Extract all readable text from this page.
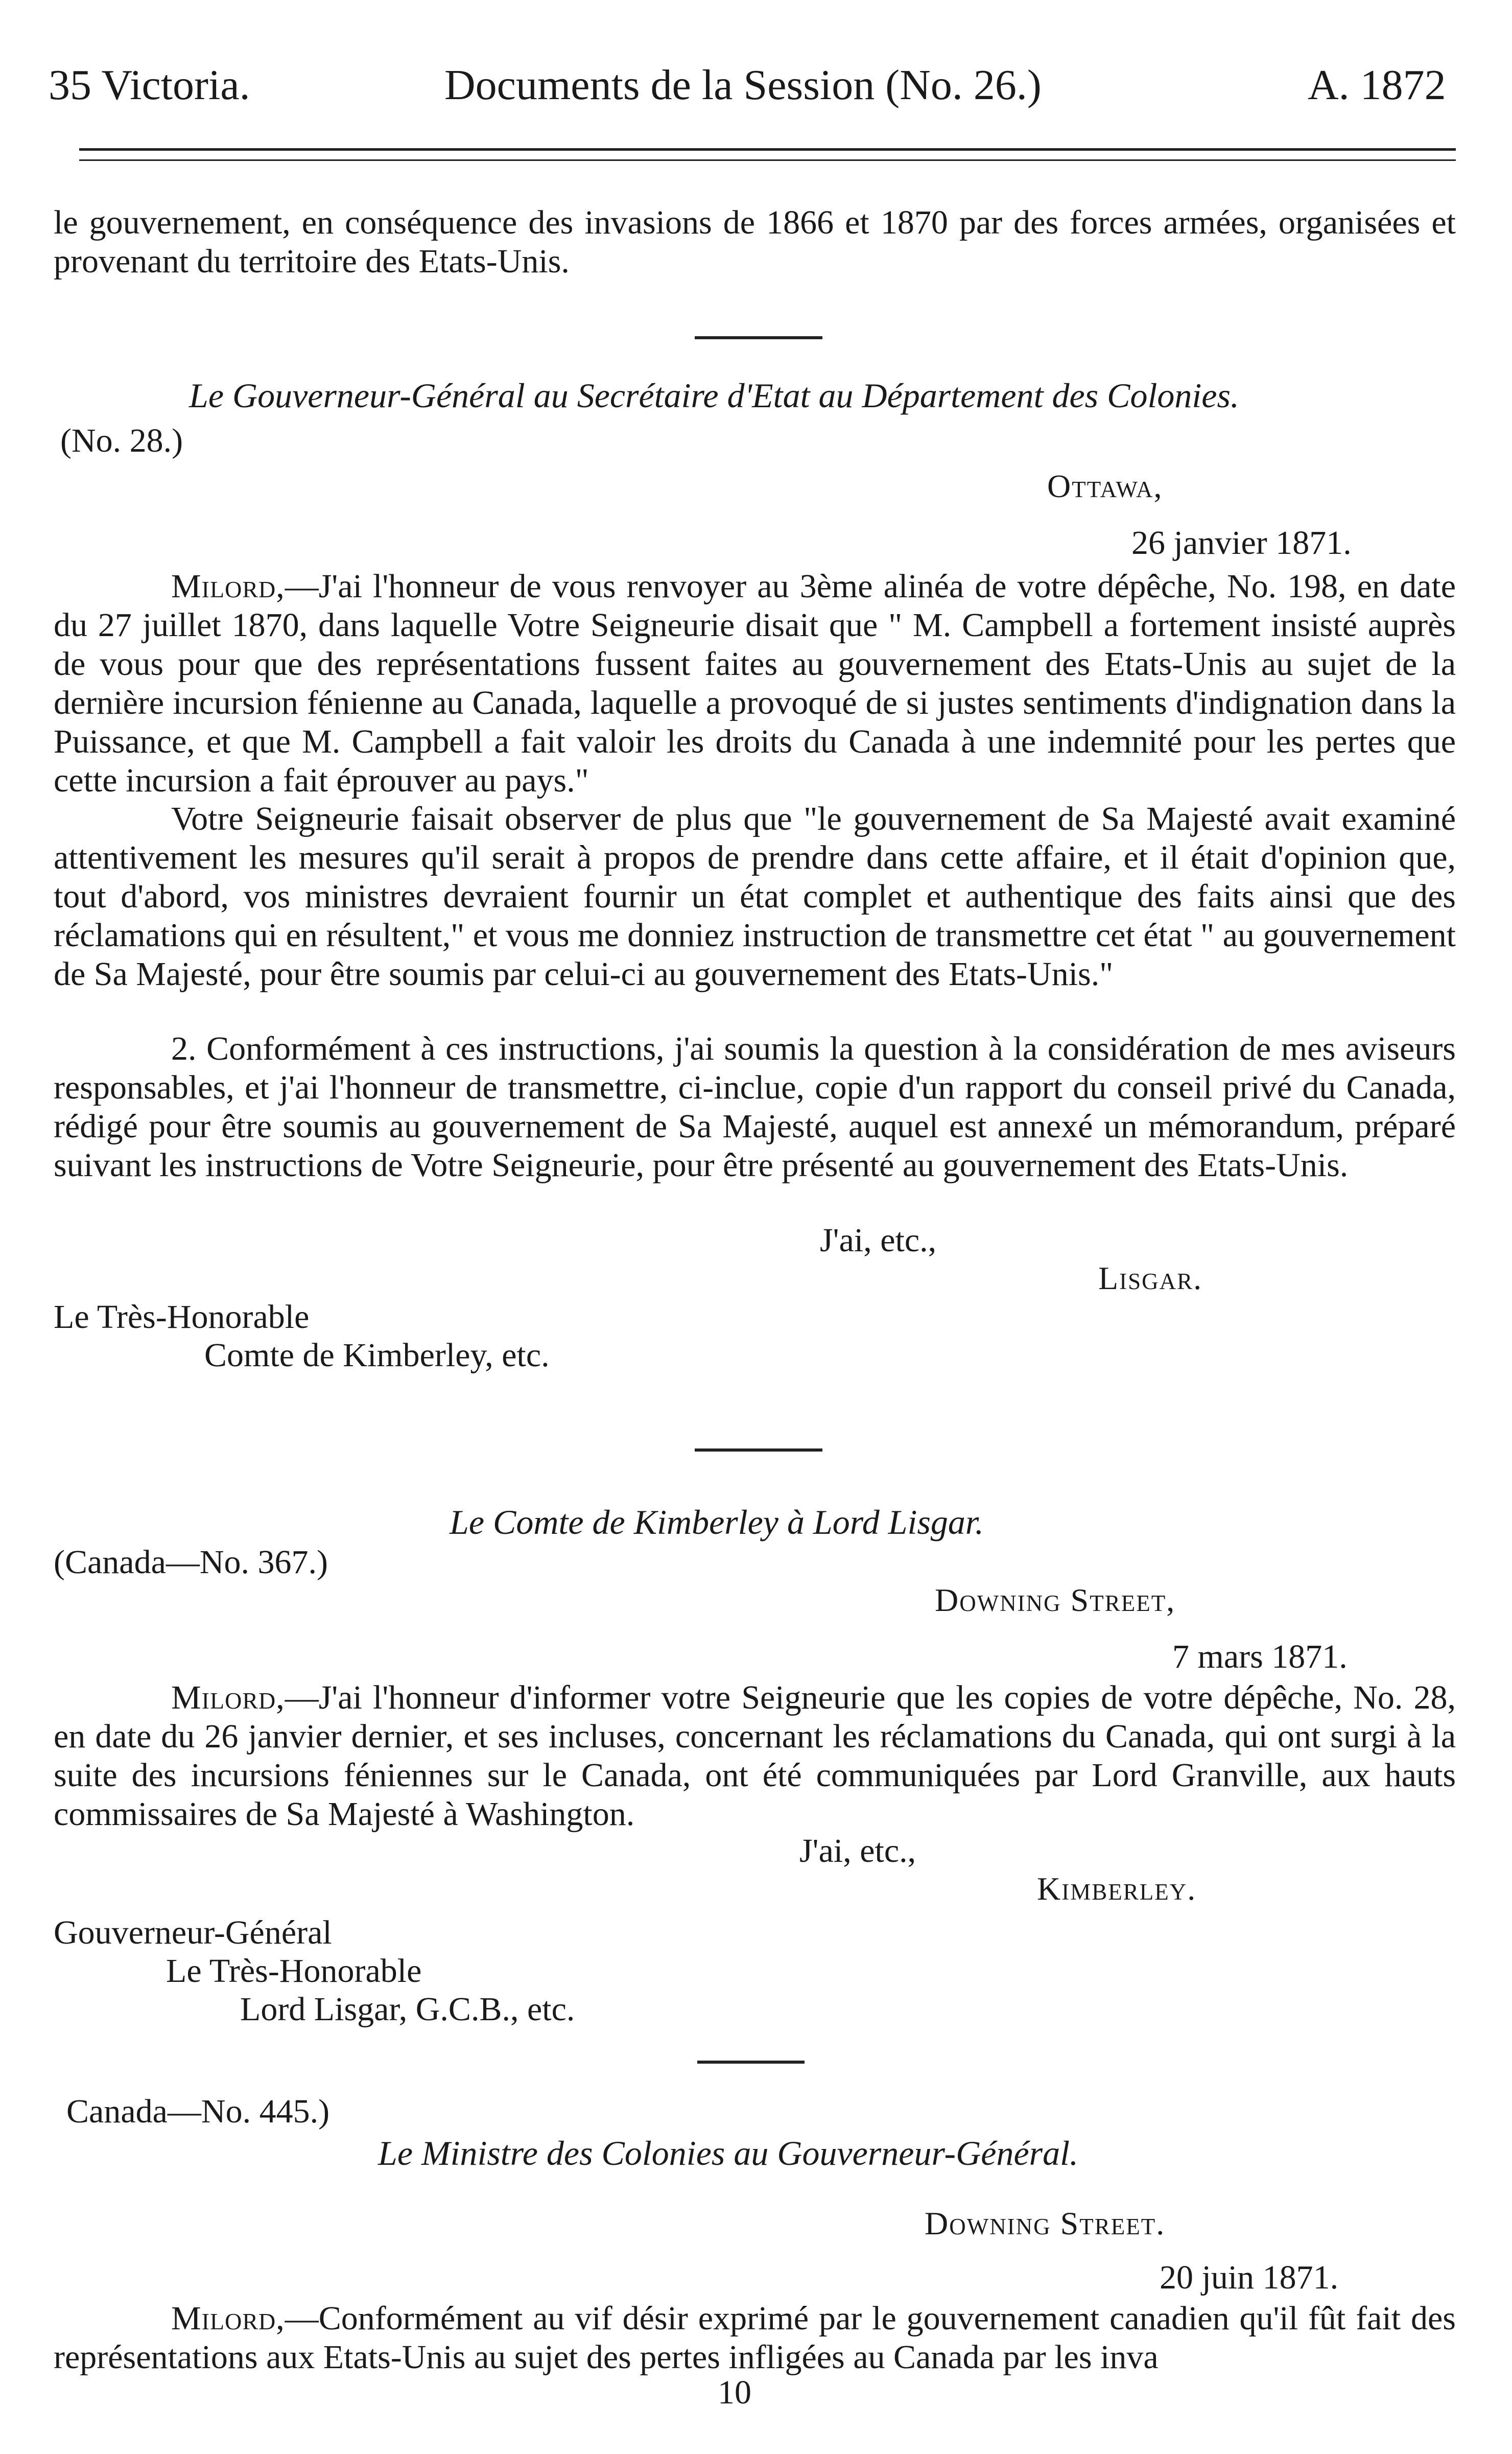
35 Victoria.	Documents de la Session (No. 26.)	A. 1872
le gouvernement, en conséquence des invasions de 1866 et 1870 par des forces armées, organisées et provenant du territoire des Etats-Unis.
Le Gouverneur-Général au Secrétaire d'Etat au Département des Colonies.
(No. 28.)
Ottawa,
26 janvier 1871.
Milord,—J'ai l'honneur de vous renvoyer au 3ème alinéa de votre dépêche, No. 198, en date du 27 juillet 1870, dans laquelle Votre Seigneurie disait que " M. Campbell a fortement insisté auprès de vous pour que des représentations fussent faites au gouvernement des Etats-Unis au sujet de la dernière incursion fénienne au Canada, laquelle a provoqué de si justes sentiments d'indignation dans la Puissance, et que M. Campbell a fait valoir les droits du Canada à une indemnité pour les pertes que cette incursion a fait éprouver au pays."
Votre Seigneurie faisait observer de plus que "le gouvernement de Sa Majesté avait examiné attentivement les mesures qu'il serait à propos de prendre dans cette affaire, et il était d'opinion que, tout d'abord, vos ministres devraient fournir un état complet et authentique des faits ainsi que des réclamations qui en résultent," et vous me donniez instruction de transmettre cet état " au gouvernement de Sa Majesté, pour être soumis par celui-ci au gouvernement des Etats-Unis."
2. Conformément à ces instructions, j'ai soumis la question à la considération de mes aviseurs responsables, et j'ai l'honneur de transmettre, ci-inclue, copie d'un rapport du conseil privé du Canada, rédigé pour être soumis au gouvernement de Sa Majesté, auquel est annexé un mémorandum, préparé suivant les instructions de Votre Seigneurie, pour être présenté au gouvernement des Etats-Unis.
J'ai, etc.,
Lisgar.
Le Très-Honorable
Comte de Kimberley, etc.
Le Comte de Kimberley à Lord Lisgar.
(Canada—No. 367.)
Downing Street,
7 mars 1871.
Milord,—J'ai l'honneur d'informer votre Seigneurie que les copies de votre dépêche, No. 28, en date du 26 janvier dernier, et ses incluses, concernant les réclamations du Canada, qui ont surgi à la suite des incursions féniennes sur le Canada, ont été communiquées par Lord Granville, aux hauts commissaires de Sa Majesté à Washington.
J'ai, etc.,
Kimberley.
Gouverneur-Général
Le Très-Honorable
Lord Lisgar, G.C.B., etc.
Canada—No. 445.)
Le Ministre des Colonies au Gouverneur-Général.
Downing Street.
20 juin 1871.
Milord,—Conformément au vif désir exprimé par le gouvernement canadien qu'il fût fait des représentations aux Etats-Unis au sujet des pertes infligées au Canada par les inva
10
